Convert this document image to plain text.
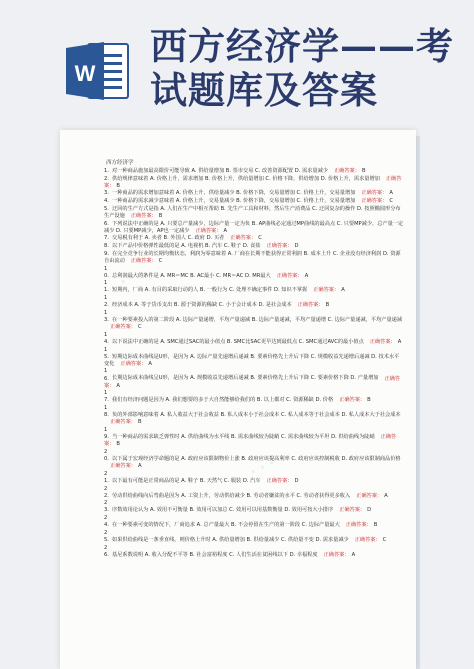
W
西方经济学——考试题库及答案
· · ·
· · ·
西方经济学
1. 对一种商品施加最高限价可能导致 A. 供给量增加 B. 票市交易 C. 改善资源配置 D. 需求量减少 正确答案： B
2. 供给规律意味着 A. 价格上升，需求增加 B. 价格上升，供给量增加 C. 价格下降，供给增加 D. 价格上升，需求量增加 正确答案： B
3. 一种商品的需求增加意味着 A. 价格上升，供给量减少 B. 价格下降，交易量增加 C. 价格上升，交易量增加 正确答案： A
4. 一种商品的需求减少意味着 A. 价格上升，交易量减少 B. 价格下降，交易量增加 C. 价格上升，交易量增加 正确答案： C
5. 迂回的生产方式是指 A. 人们在生产中相互帮助 B. 先生产工具和材料，然后生产消费品 C. 迂回复杂的操作 D. 按照椭圆形分布生产设施 正确答案： B
6. 下列说法中正确的是 A. 只要总产量减少，边际产量一定为负 B. AP曲线必定通过MP曲线的最高点 C. 只要MP减少，总产量一定减少 D. 只要MP减少，AP也一定减少 正确答案： A
7. 交易税有利于 A. 卖者 B. 外国人 C. 政府 D. 买者 正确答案： C
8. 以下产品中价格弹性最低的是 A. 电视机 B. 汽车 C. 鞋子 D. 食盐 正确答案： D
9. 在完全竞争行业的长期均衡状态，利润为零意味着 A. 厂商在长期不能获得正常利润 B. 成本上升 C. 企业没有经济利润 D. 资源自由流动 正确答案： C
10. 总利润最大的条件是 A. MR＝MC B. AC最小 C. MR＝AC D. MR最大 正确答案： A
11. 短期内，厂商 A. 有目的采取行动的人 B. 一般行为 C. 处理不确定事件 D. 知识不掌握 正确答案： A
12. 经济成本 A. 等于货币支出 B. 源于资源的稀缺 C. 小于会计成本 D. 是社会成本 正确答案： B
13. 在一种要素投入的第二阶段 A. 边际产量递增，平均产量递减 B. 边际产量递减，平均产量递增 C. 边际产量递减，平均产量递减正确答案： C
14. 以下说法中正确的是 A. SMC通过SAC的最小值点 B. SMC比SAC更早达到最低点 C. SMC通过AVC的最小值点 正确答案： A
15. 短期边际成本曲线是U形，是因为 A. 边际产量先递增后递减 B. 要素价格先上升后下降 C. 规模收益先递增后递减 D. 技术水平变化 正确答案： A
16. 长期边际成本曲线呈U形，是因为 A. 规模收益先递增后递减 B. 要素价格先上升后下降 C. 要素价格下降 D. 产量增加 正确答案： A
17. 我们有经济问题是因为 A. 我们想要的多于大自然能够给我们的 B. 以上都对 C. 资源稀缺 D. 价格 正确答案： B
18. 负的外部影响意味着 A. 私人收益大于社会收益 B. 私人成本小于社会成本 C. 私人成本等于社会成本 D. 私人成本大于社会成本正确答案： B
19. 当一种商品的需求缺乏弹性时 A. 供给曲线为水平线 B. 需求曲线较为陡峭 C. 需求曲线较为平坦 D. 供给曲线为陡峭 正确答案： B
20. 以下属于宏观经济学命题的是 A. 政府应该限制物价上涨 B. 政府应该提高利率 C. 政府应该控制税收 D. 政府应该限制商品价格正确答案： A
21. 以下最有可能是正常商品的是 A. 鞋子 B. 天然气 C. 服装 D. 汽车 正确答案： D
22. 劳动供给曲线向后弯曲是因为 A. 工资上升，劳动供给减少 B. 劳动者嫌贫的水平 C. 劳动者获得更多收入 正确答案： A
23. 序数效用论认为 A. 效用不可衡量 B. 效用可以加总 C. 效用可以用基数衡量 D. 效用可按大小排序 正确答案： D
24. 在一种要素可变的情况下，厂商追求 A. 总产量最大 B. 不会停留在生产的第一阶段 C. 边际产量最大 正确答案： B
25. 如果供给曲线是一条垂直线，则价格上升时 A. 供给量增加 B. 供给量减少 C. 供给量不变 D. 需求量减少 正确答案： C
26. 基尼系数说明 A. 收入分配不平等 B. 社会富裕程度 C. 人们生活在贫困线以下 D. 幸福程度 正确答案： A
